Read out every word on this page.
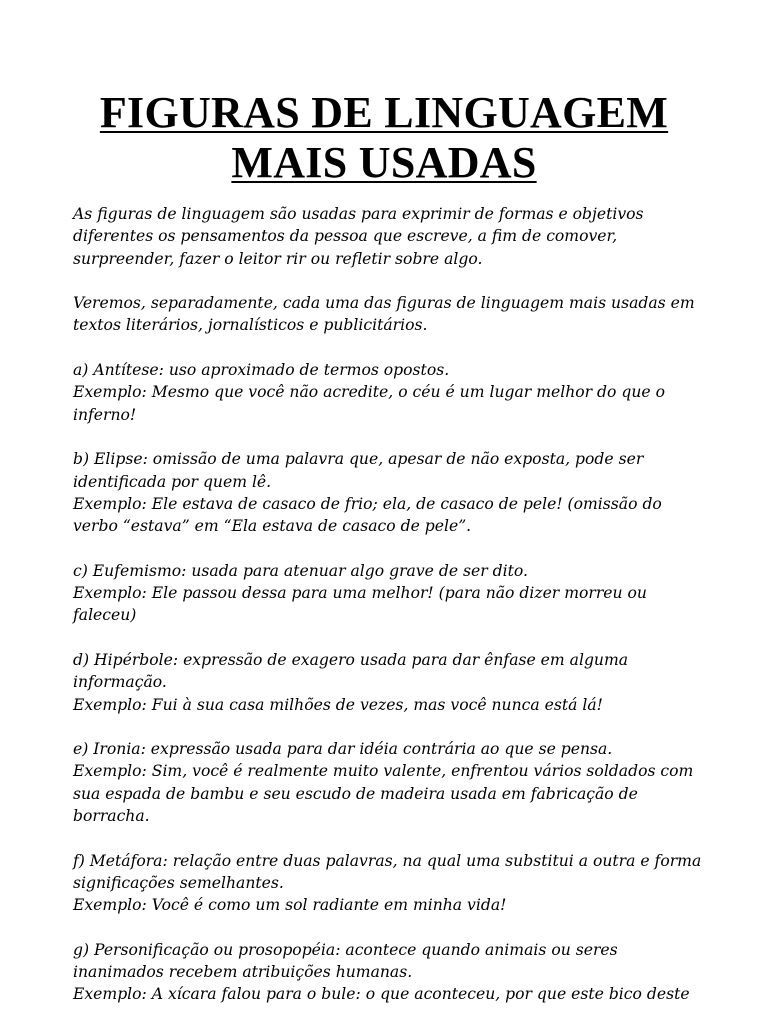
FIGURAS DE LINGUAGEM
MAIS USADAS

As figuras de linguagem são usadas para exprimir de formas e objetivos
diferentes os pensamentos da pessoa que escreve, a fim de comover,
surpreender, fazer o leitor rir ou refletir sobre algo.

Veremos, separadamente, cada uma das figuras de linguagem mais usadas em
textos literários, jornalísticos e publicitários.

a) Antítese: uso aproximado de termos opostos.
Exemplo: Mesmo que você não acredite, o céu é um lugar melhor do que o
inferno!

b) Elipse: omissão de uma palavra que, apesar de não exposta, pode ser
identificada por quem lê.
Exemplo: Ele estava de casaco de frio; ela, de casaco de pele! (omissão do
verbo “estava” em “Ela estava de casaco de pele”.

c) Eufemismo: usada para atenuar algo grave de ser dito.
Exemplo: Ele passou dessa para uma melhor! (para não dizer morreu ou
faleceu)

d) Hipérbole: expressão de exagero usada para dar ênfase em alguma
informação.
Exemplo: Fui à sua casa milhões de vezes, mas você nunca está lá!

e) Ironia: expressão usada para dar idéia contrária ao que se pensa.
Exemplo: Sim, você é realmente muito valente, enfrentou vários soldados com
sua espada de bambu e seu escudo de madeira usada em fabricação de
borracha.

f) Metáfora: relação entre duas palavras, na qual uma substitui a outra e forma
significações semelhantes.
Exemplo: Você é como um sol radiante em minha vida!

g) Personificação ou prosopopéia: acontece quando animais ou seres
inanimados recebem atribuições humanas.
Exemplo: A xícara falou para o bule: o que aconteceu, por que este bico deste
